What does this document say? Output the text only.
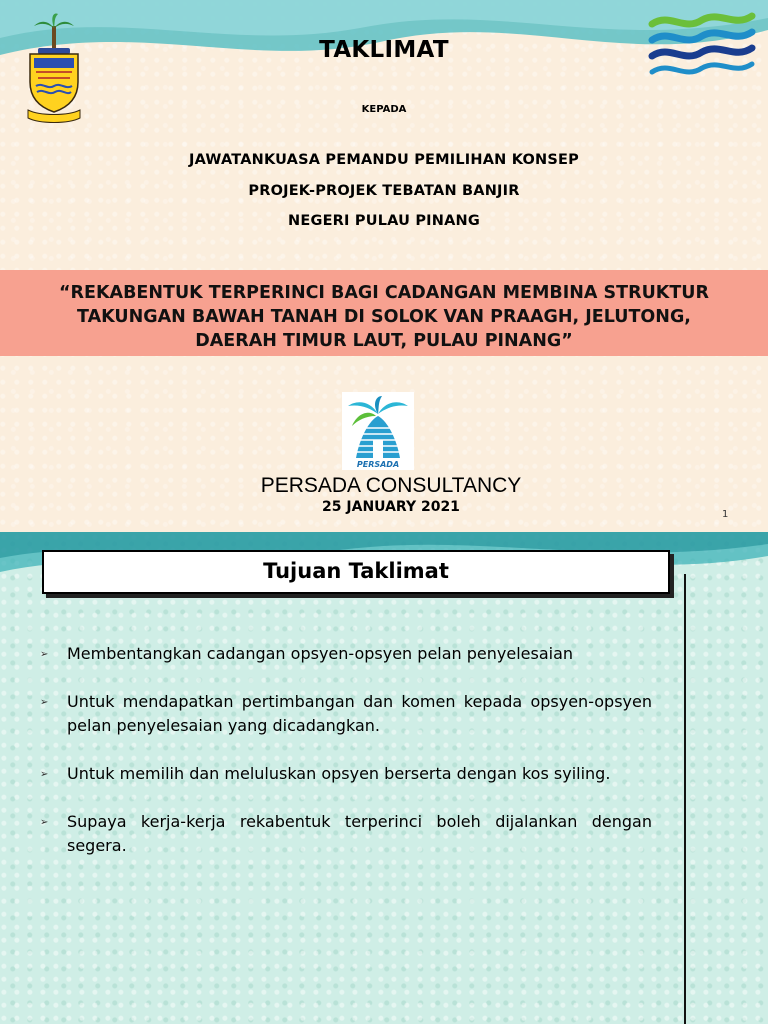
TAKLIMAT
KEPADA
JAWATANKUASA PEMANDU PEMILIHAN KONSEP
PROJEK-PROJEK TEBATAN BANJIR
NEGERI PULAU PINANG
“REKABENTUK TERPERINCI BAGI CADANGAN MEMBINA STRUKTUR
TAKUNGAN BAWAH TANAH DI SOLOK VAN PRAAGH, JELUTONG,
DAERAH TIMUR LAUT, PULAU PINANG”
PERSADA
PERSADA CONSULTANCY
25 JANUARY 2021	1
Tujuan Taklimat
➢ Membentangkan cadangan opsyen-opsyen pelan penyelesaian
➢ Untuk mendapatkan pertimbangan dan komen kepada opsyen-opsyen pelan penyelesaian yang dicadangkan.
➢ Untuk memilih dan meluluskan opsyen berserta dengan kos syiling.
➢ Supaya kerja-kerja rekabentuk terperinci boleh dijalankan dengan segera.
